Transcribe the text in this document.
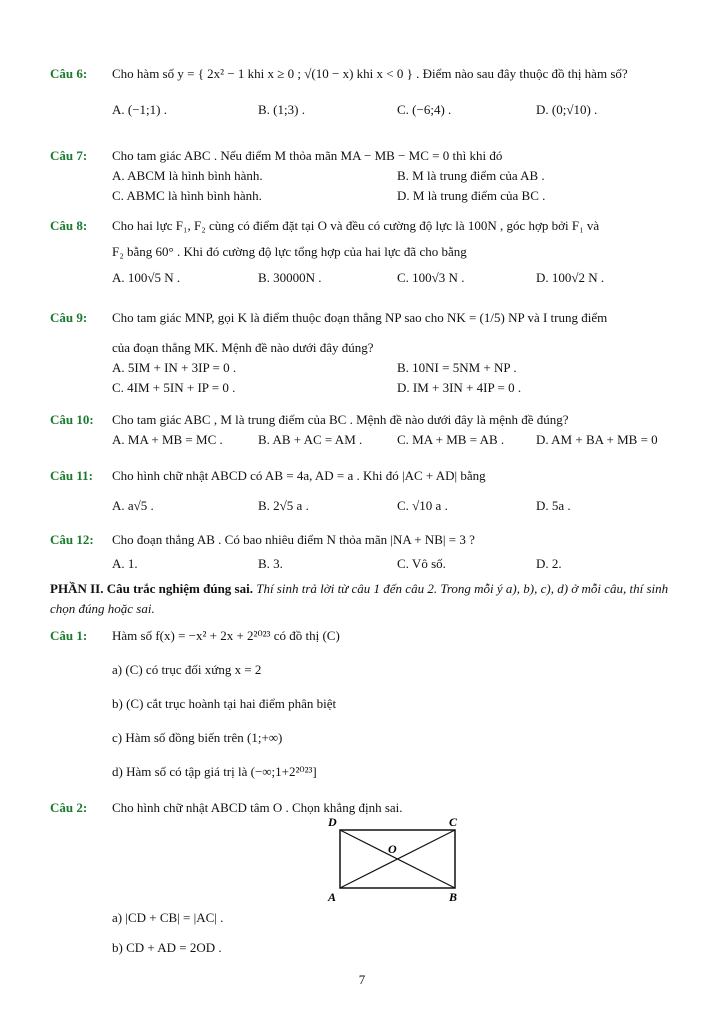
Câu 6: Cho hàm số y = { 2x² − 1 khi x ≥ 0 ; √(10 − x) khi x < 0 } . Điểm nào sau đây thuộc đồ thị hàm số?
A. (−1;1) .	B. (1;3) .	C. (−6;4) .	D. (0;√10) .
Câu 7: Cho tam giác ABC . Nếu điểm M thỏa mãn MA − MB − MC = 0 thì khi đó
A. ABCM là hình bình hành.	B. M là trung điểm của AB .
C. ABMC là hình bình hành.	D. M là trung điểm của BC .
Câu 8: Cho hai lực F₁, F₂ cùng có điểm đặt tại O và đều có cường độ lực là 100N , góc hợp bởi F₁ và
F₂ bằng 60° . Khi đó cường độ lực tổng hợp của hai lực đã cho bằng
A. 100√5 N .	B. 30000N .	C. 100√3 N .	D. 100√2 N .
Câu 9: Cho tam giác MNP, gọi K là điểm thuộc đoạn thẳng NP sao cho NK = (1/5) NP và I trung điểm
của đoạn thẳng MK. Mệnh đề nào dưới đây đúng?
A. 5IM + IN + 3IP = 0 .	B. 10NI = 5NM + NP .
C. 4IM + 5IN + IP = 0 .	D. IM + 3IN + 4IP = 0 .
Câu 10: Cho tam giác ABC , M là trung điểm của BC . Mệnh đề nào dưới đây là mệnh đề đúng?
A. MA + MB = MC .	B. AB + AC = AM .	C. MA + MB = AB . D. AM + BA + MB = 0
Câu 11: Cho hình chữ nhật ABCD có AB = 4a, AD = a . Khi đó |AC + AD| bằng
A. a√5 .	B. 2√5 a .	C. √10 a .	D. 5a .
Câu 12: Cho đoạn thẳng AB . Có bao nhiêu điểm N thỏa mãn |NA + NB| = 3 ?
A. 1.	B. 3.	C. Vô số.	D. 2.
PHẦN II. Câu trắc nghiệm đúng sai. Thí sinh trả lời từ câu 1 đến câu 2. Trong mỗi ý a), b), c), d) ở mỗi câu, thí sinh chọn đúng hoặc sai.
Câu 1: Hàm số f(x) = −x² + 2x + 2²⁰²³ có đồ thị (C)
a) (C) có trục đối xứng x = 2
b) (C) cắt trục hoành tại hai điểm phân biệt
c) Hàm số đồng biến trên (1;+∞)
d) Hàm số có tập giá trị là (−∞;1+2²⁰²³]
Câu 2: Cho hình chữ nhật ABCD tâm O . Chọn khẳng định sai.
D	C
O
A	B
a) |CD + CB| = |AC| .
b) CD + AD = 2OD .
7
